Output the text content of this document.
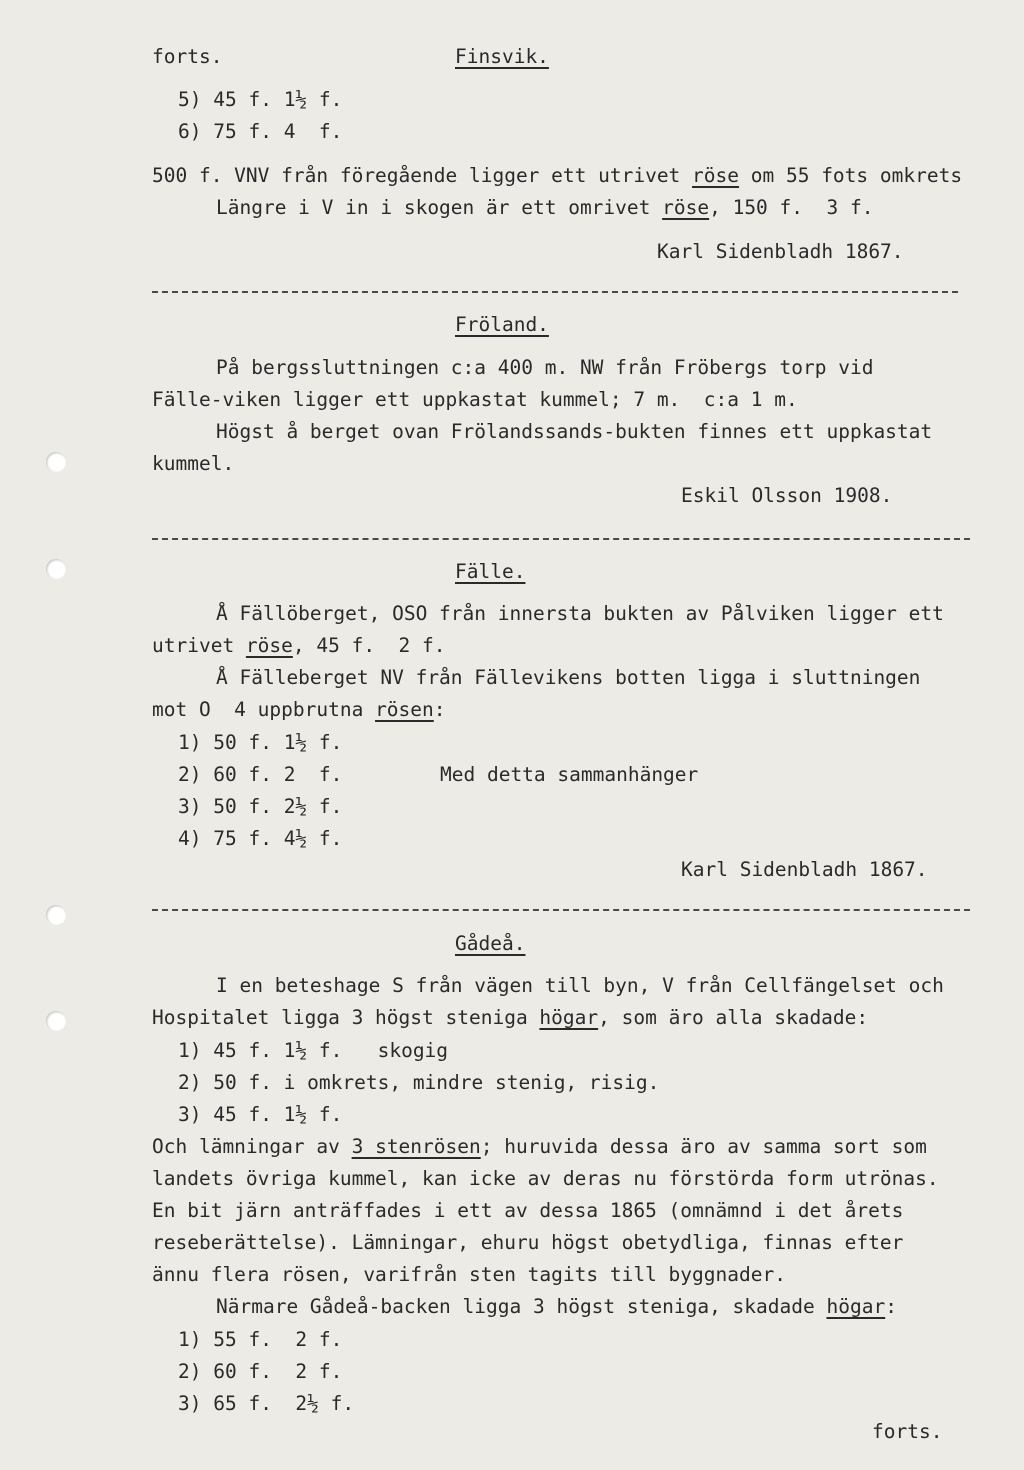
forts.	Finsvik.
5) 45 f. 1½ f.
6) 75 f. 4  f.
500 f. VNV från föregående ligger ett utrivet röse om 55 fots omkrets
Längre i V in i skogen är ett omrivet röse, 150 f.  3 f.
Karl Sidenbladh 1867.
Fröland.
På bergssluttningen c:a 400 m. NW från Fröbergs torp vid
Fälle-viken ligger ett uppkastat kummel; 7 m.  c:a 1 m.
Högst å berget ovan Frölandssands-bukten finnes ett uppkastat
kummel.
Eskil Olsson 1908.
Fälle.
Å Fällöberget, OSO från innersta bukten av Pålviken ligger ett
utrivet röse, 45 f.  2 f.
Å Fälleberget NV från Fällevikens botten ligga i sluttningen
mot O  4 uppbrutna rösen:
1) 50 f. 1½ f.
2) 60 f. 2  f.	Med detta sammanhänger
3) 50 f. 2½ f.
4) 75 f. 4½ f.
Karl Sidenbladh 1867.
Gådeå.
I en beteshage S från vägen till byn, V från Cellfängelset och
Hospitalet ligga 3 högst steniga högar, som äro alla skadade:
1) 45 f. 1½ f.   skogig
2) 50 f. i omkrets, mindre stenig, risig.
3) 45 f. 1½ f.
Och lämningar av 3 stenrösen; huruvida dessa äro av samma sort som
landets övriga kummel, kan icke av deras nu förstörda form utrönas.
En bit järn anträffades i ett av dessa 1865 (omnämnd i det årets
reseberättelse). Lämningar, ehuru högst obetydliga, finnas efter
ännu flera rösen, varifrån sten tagits till byggnader.
Närmare Gådeå-backen ligga 3 högst steniga, skadade högar:
1) 55 f.  2 f.
2) 60 f.  2 f.
3) 65 f.  2½ f.
forts.
